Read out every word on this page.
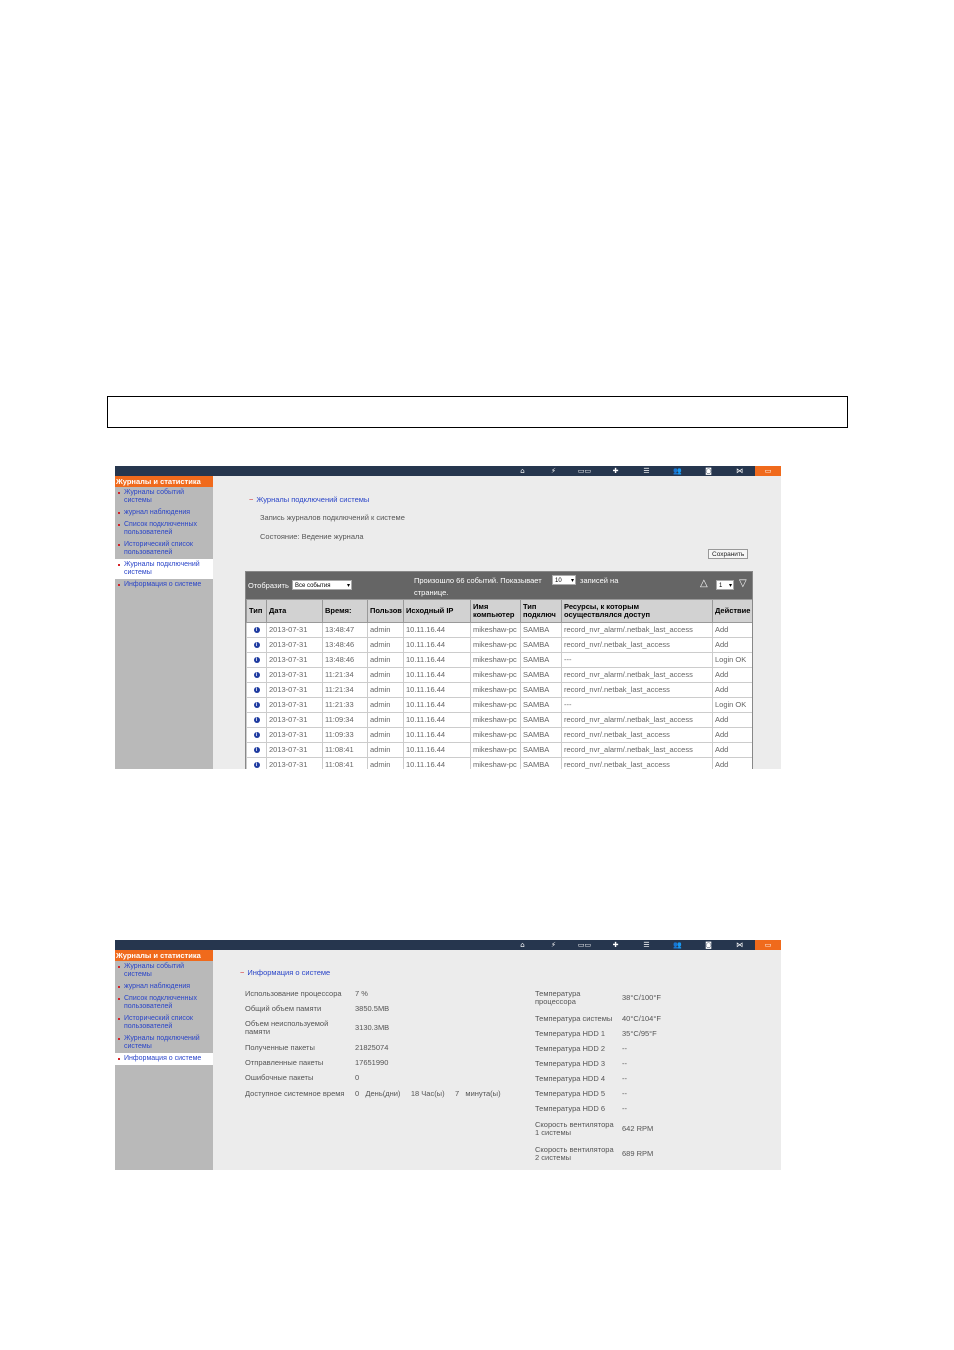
⌂	⚡	▭▭	✚	☰	👥	◙	⋈	▭
Журналы и статистика
Журналы событий
системы
журнал наблюдения
Список подключенных
пользователей
Исторический список
пользователей
Журналы подключений
системы
Информация о системе
− Журналы подключений системы
Запись журналов подключений к системе
Состояние: Ведение журнала
Сохранить
Отобразить	Все события	▾
Произошло 66 событий. Показывает	10 ▾ записей на
странице.
△	1 ▾ ▽
Тип	Дата	Время:	Пользов	Исходный IP	Имя
компьютер	Тип
подключ	Ресурсы, к которым
осуществлялся доступ	Действие
i	2013-07-31	13:48:47	admin	10.11.16.44	mikeshaw-pc	SAMBA	record_nvr_alarm/.netbak_last_access	Add
i	2013-07-31	13:48:46	admin	10.11.16.44	mikeshaw-pc	SAMBA	record_nvr/.netbak_last_access	Add
i	2013-07-31	13:48:46	admin	10.11.16.44	mikeshaw-pc	SAMBA	---	Login OK
i	2013-07-31	11:21:34	admin	10.11.16.44	mikeshaw-pc	SAMBA	record_nvr_alarm/.netbak_last_access	Add
i	2013-07-31	11:21:34	admin	10.11.16.44	mikeshaw-pc	SAMBA	record_nvr/.netbak_last_access	Add
i	2013-07-31	11:21:33	admin	10.11.16.44	mikeshaw-pc	SAMBA	---	Login OK
i	2013-07-31	11:09:34	admin	10.11.16.44	mikeshaw-pc	SAMBA	record_nvr_alarm/.netbak_last_access	Add
i	2013-07-31	11:09:33	admin	10.11.16.44	mikeshaw-pc	SAMBA	record_nvr/.netbak_last_access	Add
i	2013-07-31	11:08:41	admin	10.11.16.44	mikeshaw-pc	SAMBA	record_nvr_alarm/.netbak_last_access	Add
i	2013-07-31	11:08:41	admin	10.11.16.44	mikeshaw-pc	SAMBA	record_nvr/.netbak_last_access	Add
⌂	⚡	▭▭	✚	☰	👥	◙	⋈	▭
Журналы и статистика
Журналы событий
системы
журнал наблюдения
Список подключенных
пользователей
Исторический список
пользователей
Журналы подключений
системы
Информация о системе
− Информация о системе
Использование процессора	7 %
Общий объем памяти	3850.5MB
Объем неиспользуемой
памяти	3130.3MB
Полученные пакеты	21825074
Отправленные пакеты	17651990
Ошибочные пакеты	0
Доступное системное время	0   День(дни)     18 Час(ы)     7   минута(ы)
Температура
процессора	38°C/100°F
Температура системы	40°C/104°F
Температура HDD 1	35°C/95°F
Температура HDD 2	--
Температура HDD 3	--
Температура HDD 4	--
Температура HDD 5	--
Температура HDD 6	--
Скорость вентилятора
1 системы	642 RPM
Скорость вентилятора
2 системы	689 RPM
